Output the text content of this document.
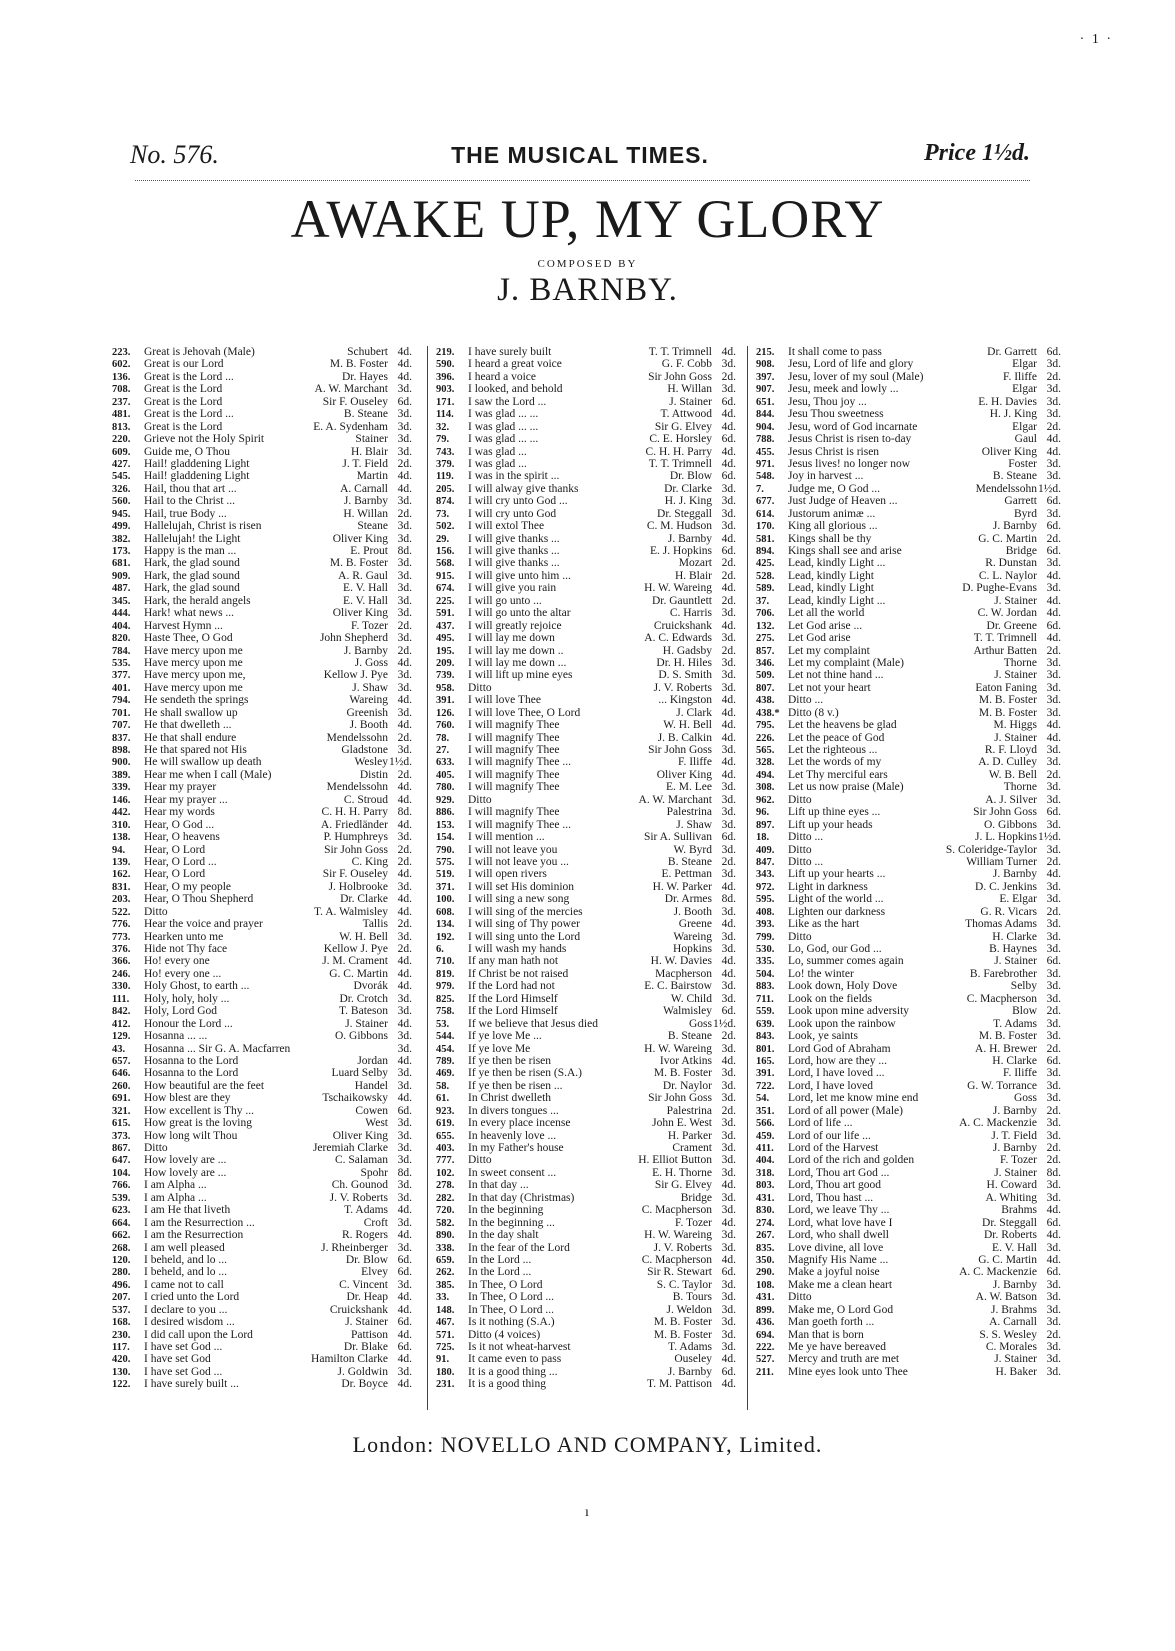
· 1 ·
No. 576.	THE MUSICAL TIMES.	Price 1½d.
AWAKE UP, MY GLORY
COMPOSED BY
J. BARNBY.
223.	Great is Jehovah (Male)	Schubert 4d.
602.	Great is our Lord	M. B. Foster 4d.
136.	Great is the Lord ...	Dr. Hayes 4d.
708.	Great is the Lord	A. W. Marchant 3d.
237.	Great is the Lord	Sir F. Ouseley 6d.
481.	Great is the Lord ...	B. Steane 3d.
813.	Great is the Lord	E. A. Sydenham 3d.
220.	Grieve not the Holy Spirit	Stainer 3d.
609.	Guide me, O Thou	H. Blair 3d.
427.	Hail! gladdening Light	J. T. Field 2d.
545.	Hail! gladdening Light	Martin 4d.
326.	Hail, thou that art ...	A. Carnall 4d.
560.	Hail to the Christ ...	J. Barnby 3d.
945.	Hail, true Body ...	H. Willan 2d.
499.	Hallelujah, Christ is risen	Steane 3d.
382.	Hallelujah! the Light	Oliver King 3d.
173.	Happy is the man ...	E. Prout 8d.
681.	Hark, the glad sound	M. B. Foster 3d.
909.	Hark, the glad sound	A. R. Gaul 3d.
487.	Hark, the glad sound	E. V. Hall 3d.
345.	Hark, the herald angels	E. V. Hall 3d.
444.	Hark! what news ...	Oliver King 3d.
404.	Harvest Hymn ...	F. Tozer 2d.
820.	Haste Thee, O God	John Shepherd 3d.
784.	Have mercy upon me	J. Barnby 2d.
535.	Have mercy upon me	J. Goss 4d.
377.	Have mercy upon me,	Kellow J. Pye 3d.
401.	Have mercy upon me	J. Shaw 3d.
794.	He sendeth the springs	Wareing 4d.
701.	He shall swallow up	Greenish 3d.
707.	He that dwelleth ...	J. Booth 4d.
837.	He that shall endure	Mendelssohn 2d.
898.	He that spared not His	Gladstone 3d.
900.	He will swallow up death	Wesley 1½d.
389.	Hear me when I call (Male)	Distin 2d.
339.	Hear my prayer	Mendelssohn 4d.
146.	Hear my prayer ...	C. Stroud 4d.
442.	Hear my words	C. H. H. Parry 8d.
310.	Hear, O God ...	A. Friedländer 4d.
138.	Hear, O heavens	P. Humphreys 3d.
94.	Hear, O Lord	Sir John Goss 2d.
139.	Hear, O Lord ...	C. King 2d.
162.	Hear, O Lord	Sir F. Ouseley 4d.
831.	Hear, O my people	J. Holbrooke 3d.
203.	Hear, O Thou Shepherd	Dr. Clarke 4d.
522.	Ditto	T. A. Walmisley 4d.
776.	Hear the voice and prayer	Tallis 2d.
773.	Hearken unto me	W. H. Bell 3d.
376.	Hide not Thy face	Kellow J. Pye 2d.
366.	Ho! every one	J. M. Crament 4d.
246.	Ho! every one ...	G. C. Martin 4d.
330.	Holy Ghost, to earth ...	Dvorák 4d.
111.	Holy, holy, holy ...	Dr. Crotch 3d.
842.	Holy, Lord God	T. Bateson 3d.
412.	Honour the Lord ...	J. Stainer 4d.
129.	Hosanna ... ...	O. Gibbons 3d.
43.	Hosanna ... Sir G. A. Macfarren	3d.
657.	Hosanna to the Lord	Jordan 4d.
646.	Hosanna to the Lord	Luard Selby 3d.
260.	How beautiful are the feet	Handel 3d.
691.	How blest are they	Tschaikowsky 4d.
321.	How excellent is Thy ...	Cowen 6d.
615.	How great is the loving	West 3d.
373.	How long wilt Thou	Oliver King 3d.
867.	Ditto	Jeremiah Clarke 3d.
647.	How lovely are ...	C. Salaman 3d.
104.	How lovely are ...	Spohr 8d.
766.	I am Alpha ...	Ch. Gounod 3d.
539.	I am Alpha ...	J. V. Roberts 3d.
623.	I am He that liveth	T. Adams 4d.
664.	I am the Resurrection ...	Croft 3d.
662.	I am the Resurrection	R. Rogers 4d.
268.	I am well pleased	J. Rheinberger 3d.
120.	I beheld, and lo ...	Dr. Blow 6d.
280.	I beheld, and lo ...	Elvey 6d.
496.	I came not to call	C. Vincent 3d.
207.	I cried unto the Lord	Dr. Heap 4d.
537.	I declare to you ...	Cruickshank 4d.
168.	I desired wisdom ...	J. Stainer 6d.
230.	I did call upon the Lord	Pattison 4d.
117.	I have set God ...	Dr. Blake 6d.
420.	I have set God	Hamilton Clarke 4d.
130.	I have set God ...	J. Goldwin 3d.
122.	I have surely built ...	Dr. Boyce 4d.
219.	I have surely built	T. T. Trimnell 4d.
590.	I heard a great voice	G. F. Cobb 3d.
396.	I heard a voice	Sir John Goss 2d.
903.	I looked, and behold	H. Willan 3d.
171.	I saw the Lord ...	J. Stainer 6d.
114.	I was glad ... ...	T. Attwood 4d.
32.	I was glad ... ...	Sir G. Elvey 4d.
79.	I was glad ... ...	C. E. Horsley 6d.
743.	I was glad ...	C. H. H. Parry 4d.
379.	I was glad ...	T. T. Trimnell 4d.
119.	I was in the spirit ...	Dr. Blow 6d.
205.	I will alway give thanks	Dr. Clarke 3d.
874.	I will cry unto God ...	H. J. King 3d.
73.	I will cry unto God	Dr. Steggall 3d.
502.	I will extol Thee	C. M. Hudson 3d.
29.	I will give thanks ...	J. Barnby 4d.
156.	I will give thanks ...	E. J. Hopkins 6d.
568.	I will give thanks ...	Mozart 2d.
915.	I will give unto him ...	H. Blair 2d.
674.	I will give you rain	H. W. Wareing 4d.
225.	I will go unto ...	Dr. Gauntlett 2d.
591.	I will go unto the altar	C. Harris 3d.
437.	I will greatly rejoice	Cruickshank 4d.
495.	I will lay me down	A. C. Edwards 3d.
195.	I will lay me down ..	H. Gadsby 2d.
209.	I will lay me down ...	Dr. H. Hiles 3d.
739.	I will lift up mine eyes	D. S. Smith 3d.
958.	Ditto	J. V. Roberts 3d.
391.	I will love Thee	... Kingston 4d.
126.	I will love Thee, O Lord	J. Clark 4d.
760.	I will magnify Thee	W. H. Bell 4d.
78.	I will magnify Thee	J. B. Calkin 4d.
27.	I will magnify Thee	Sir John Goss 3d.
633.	I will magnify Thee ...	F. Iliffe 4d.
405.	I will magnify Thee	Oliver King 4d.
780.	I will magnify Thee	E. M. Lee 3d.
929.	Ditto	A. W. Marchant 3d.
886.	I will magnify Thee	Palestrina 3d.
153.	I will magnify Thee ...	J. Shaw 3d.
154.	I will mention ...	Sir A. Sullivan 6d.
790.	I will not leave you	W. Byrd 3d.
575.	I will not leave you ...	B. Steane 2d.
519.	I will open rivers	E. Pettman 3d.
371.	I will set His dominion	H. W. Parker 4d.
100.	I will sing a new song	Dr. Armes 8d.
608.	I will sing of the mercies	J. Booth 3d.
134.	I will sing of Thy power	Greene 4d.
192.	I will sing unto the Lord	Wareing 3d.
6.	I will wash my hands	Hopkins 3d.
710.	If any man hath not	H. W. Davies 4d.
819.	If Christ be not raised	Macpherson 4d.
979.	If the Lord had not	E. C. Bairstow 3d.
825.	If the Lord Himself	W. Child 3d.
758.	If the Lord Himself	Walmisley 6d.
53.	If we believe that Jesus died	Goss 1½d.
544.	If ye love Me ...	B. Steane 2d.
454.	If ye love Me	H. W. Wareing 3d.
789.	If ye then be risen	Ivor Atkins 4d.
469.	If ye then be risen (S.A.)	M. B. Foster 3d.
58.	If ye then be risen ...	Dr. Naylor 3d.
61.	In Christ dwelleth	Sir John Goss 3d.
923.	In divers tongues ...	Palestrina 2d.
619.	In every place incense	John E. West 3d.
655.	In heavenly love ...	H. Parker 3d.
403.	In my Father's house	Crament 3d.
777.	Ditto	H. Elliot Button 3d.
102.	In sweet consent ...	E. H. Thorne 3d.
278.	In that day ...	Sir G. Elvey 4d.
282.	In that day (Christmas)	Bridge 3d.
720.	In the beginning	C. Macpherson 3d.
582.	In the beginning ...	F. Tozer 4d.
890.	In the day shalt	H. W. Wareing 3d.
338.	In the fear of the Lord	J. V. Roberts 3d.
659.	In the Lord ...	C. Macpherson 4d.
262.	In the Lord ...	Sir R. Stewart 6d.
385.	In Thee, O Lord	S. C. Taylor 3d.
33.	In Thee, O Lord ...	B. Tours 3d.
148.	In Thee, O Lord ...	J. Weldon 3d.
467.	Is it nothing (S.A.)	M. B. Foster 3d.
571.	Ditto (4 voices)	M. B. Foster 3d.
725.	Is it not wheat-harvest	T. Adams 3d.
91.	It came even to pass	Ouseley 4d.
180.	It is a good thing ...	J. Barnby 6d.
231.	It is a good thing	T. M. Pattison 4d.
215.	It shall come to pass	Dr. Garrett 6d.
908.	Jesu, Lord of life and glory	Elgar 3d.
397.	Jesu, lover of my soul (Male)	F. Iliffe 2d.
907.	Jesu, meek and lowly ...	Elgar 3d.
651.	Jesu, Thou joy ...	E. H. Davies 3d.
844.	Jesu Thou sweetness	H. J. King 3d.
904.	Jesu, word of God incarnate	Elgar 2d.
788.	Jesus Christ is risen to-day	Gaul 4d.
455.	Jesus Christ is risen	Oliver King 4d.
971.	Jesus lives! no longer now	Foster 3d.
548.	Joy in harvest ...	B. Steane 3d.
7.	Judge me, O God ...	Mendelssohn 1½d.
677.	Just Judge of Heaven ...	Garrett 6d.
614.	Justorum animæ ...	Byrd 3d.
170.	King all glorious ...	J. Barnby 6d.
581.	Kings shall be thy	G. C. Martin 2d.
894.	Kings shall see and arise	Bridge 6d.
425.	Lead, kindly Light ...	R. Dunstan 3d.
528.	Lead, kindly Light	C. L. Naylor 4d.
589.	Lead, kindly Light	D. Pughe-Evans 3d.
37.	Lead, kindly Light ...	J. Stainer 4d.
706.	Let all the world	C. W. Jordan 4d.
132.	Let God arise ...	Dr. Greene 6d.
275.	Let God arise	T. T. Trimnell 4d.
857.	Let my complaint	Arthur Batten 2d.
346.	Let my complaint (Male)	Thorne 3d.
509.	Let not thine hand ...	J. Stainer 3d.
807.	Let not your heart	Eaton Faning 3d.
438.	Ditto ...	M. B. Foster 3d.
438.* Ditto (8 v.)	M. B. Foster 3d.
795.	Let the heavens be glad	M. Higgs 4d.
226.	Let the peace of God	J. Stainer 4d.
565.	Let the righteous ...	R. F. Lloyd 3d.
328.	Let the words of my	A. D. Culley 3d.
494.	Let Thy merciful ears	W. B. Bell 2d.
308.	Let us now praise (Male)	Thorne 3d.
962.	Ditto	A. J. Silver 3d.
96.	Lift up thine eyes ...	Sir John Goss 6d.
897.	Lift up your heads	O. Gibbons 3d.
18.	Ditto ...	J. L. Hopkins 1½d.
409.	Ditto	S. Coleridge-Taylor 3d.
847.	Ditto ...	William Turner 2d.
343.	Lift up your hearts ...	J. Barnby 4d.
972.	Light in darkness	D. C. Jenkins 3d.
595.	Light of the world ...	E. Elgar 3d.
408.	Lighten our darkness	G. R. Vicars 2d.
393.	Like as the hart	Thomas Adams 3d.
799.	Ditto	H. Clarke 3d.
530.	Lo, God, our God ...	B. Haynes 3d.
335.	Lo, summer comes again	J. Stainer 6d.
504.	Lo! the winter	B. Farebrother 3d.
883.	Look down, Holy Dove	Selby 3d.
711.	Look on the fields	C. Macpherson 3d.
559.	Look upon mine adversity	Blow 2d.
639.	Look upon the rainbow	T. Adams 3d.
843.	Look, ye saints	M. B. Foster 3d.
801.	Lord God of Abraham	A. H. Brewer 2d.
165.	Lord, how are they ...	H. Clarke 6d.
391.	Lord, I have loved ...	F. Iliffe 3d.
722.	Lord, I have loved	G. W. Torrance 3d.
54.	Lord, let me know mine end	Goss 3d.
351.	Lord of all power (Male)	J. Barnby 2d.
566.	Lord of life ...	A. C. Mackenzie 3d.
459.	Lord of our life ...	J. T. Field 3d.
411.	Lord of the Harvest	J. Barnby 2d.
404.	Lord of the rich and golden	F. Tozer 2d.
318.	Lord, Thou art God ...	J. Stainer 8d.
803.	Lord, Thou art good	H. Coward 3d.
431.	Lord, Thou hast ...	A. Whiting 3d.
830.	Lord, we leave Thy ...	Brahms 4d.
274.	Lord, what love have I	Dr. Steggall 6d.
267.	Lord, who shall dwell	Dr. Roberts 4d.
835.	Love divine, all love	E. V. Hall 3d.
350.	Magnify His Name ...	G. C. Martin 4d.
290.	Make a joyful noise	A. C. Mackenzie 6d.
108.	Make me a clean heart	J. Barnby 3d.
431.	Ditto	A. W. Batson 3d.
899.	Make me, O Lord God	J. Brahms 3d.
436.	Man goeth forth ...	A. Carnall 3d.
694.	Man that is born	S. S. Wesley 2d.
222.	Me ye have bereaved	C. Morales 3d.
527.	Mercy and truth are met	J. Stainer 3d.
211.	Mine eyes look unto Thee	H. Baker 3d.
London: NOVELLO AND COMPANY, Limited.
ı
